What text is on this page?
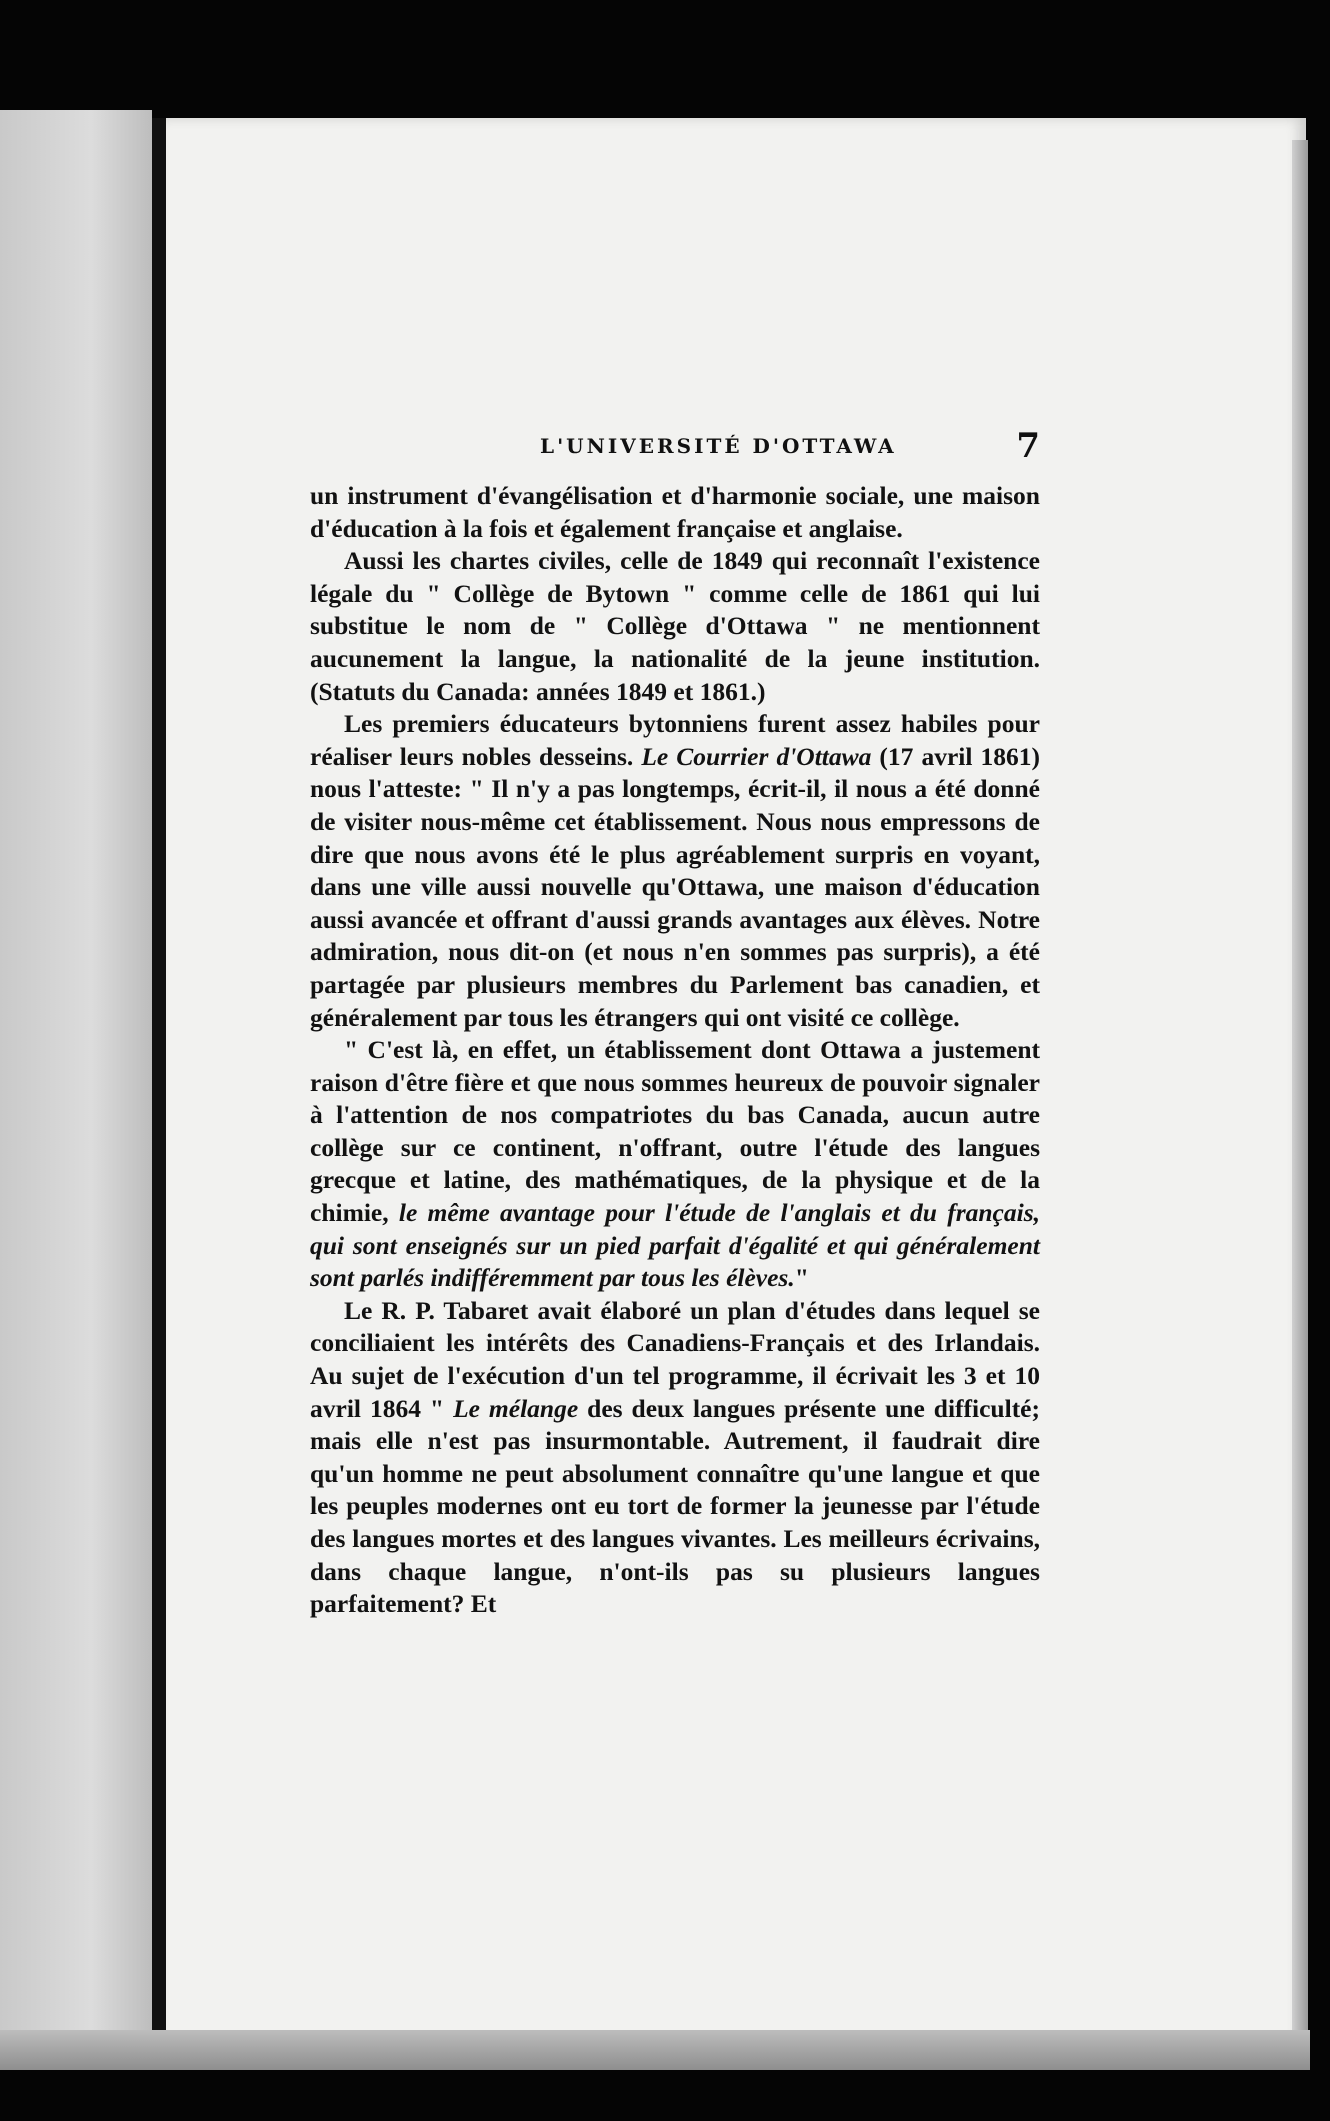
L'UNIVERSITÉ D'OTTAWA	7

un instrument d'évangélisation et d'harmonie sociale, une maison d'éducation à la fois et également française et anglaise.

Aussi les chartes civiles, celle de 1849 qui reconnaît l'existence légale du " Collège de Bytown " comme celle de 1861 qui lui substitue le nom de " Collège d'Ottawa " ne mentionnent aucunement la langue, la nationalité de la jeune institution. (Statuts du Canada: années 1849 et 1861.)

Les premiers éducateurs bytonniens furent assez habiles pour réaliser leurs nobles desseins. Le Courrier d'Ottawa (17 avril 1861) nous l'atteste: " Il n'y a pas longtemps, écrit-il, il nous a été donné de visiter nous-même cet établissement. Nous nous empressons de dire que nous avons été le plus agréablement surpris en voyant, dans une ville aussi nouvelle qu'Ottawa, une maison d'éducation aussi avancée et offrant d'aussi grands avantages aux élèves. Notre admiration, nous dit-on (et nous n'en sommes pas surpris), a été partagée par plusieurs membres du Parlement bas canadien, et généralement par tous les étrangers qui ont visité ce collège.

" C'est là, en effet, un établissement dont Ottawa a justement raison d'être fière et que nous sommes heureux de pouvoir signaler à l'attention de nos compatriotes du bas Canada, aucun autre collège sur ce continent, n'offrant, outre l'étude des langues grecque et latine, des mathématiques, de la physique et de la chimie, le même avantage pour l'étude de l'anglais et du français, qui sont enseignés sur un pied parfait d'égalité et qui généralement sont parlés indifféremment par tous les élèves."

Le R. P. Tabaret avait élaboré un plan d'études dans lequel se conciliaient les intérêts des Canadiens-Français et des Irlandais. Au sujet de l'exécution d'un tel programme, il écrivait les 3 et 10 avril 1864 " Le mélange des deux langues présente une difficulté; mais elle n'est pas insurmontable. Autrement, il faudrait dire qu'un homme ne peut absolument connaître qu'une langue et que les peuples modernes ont eu tort de former la jeunesse par l'étude des langues mortes et des langues vivantes. Les meilleurs écrivains, dans chaque langue, n'ont-ils pas su plusieurs langues parfaitement? Et
